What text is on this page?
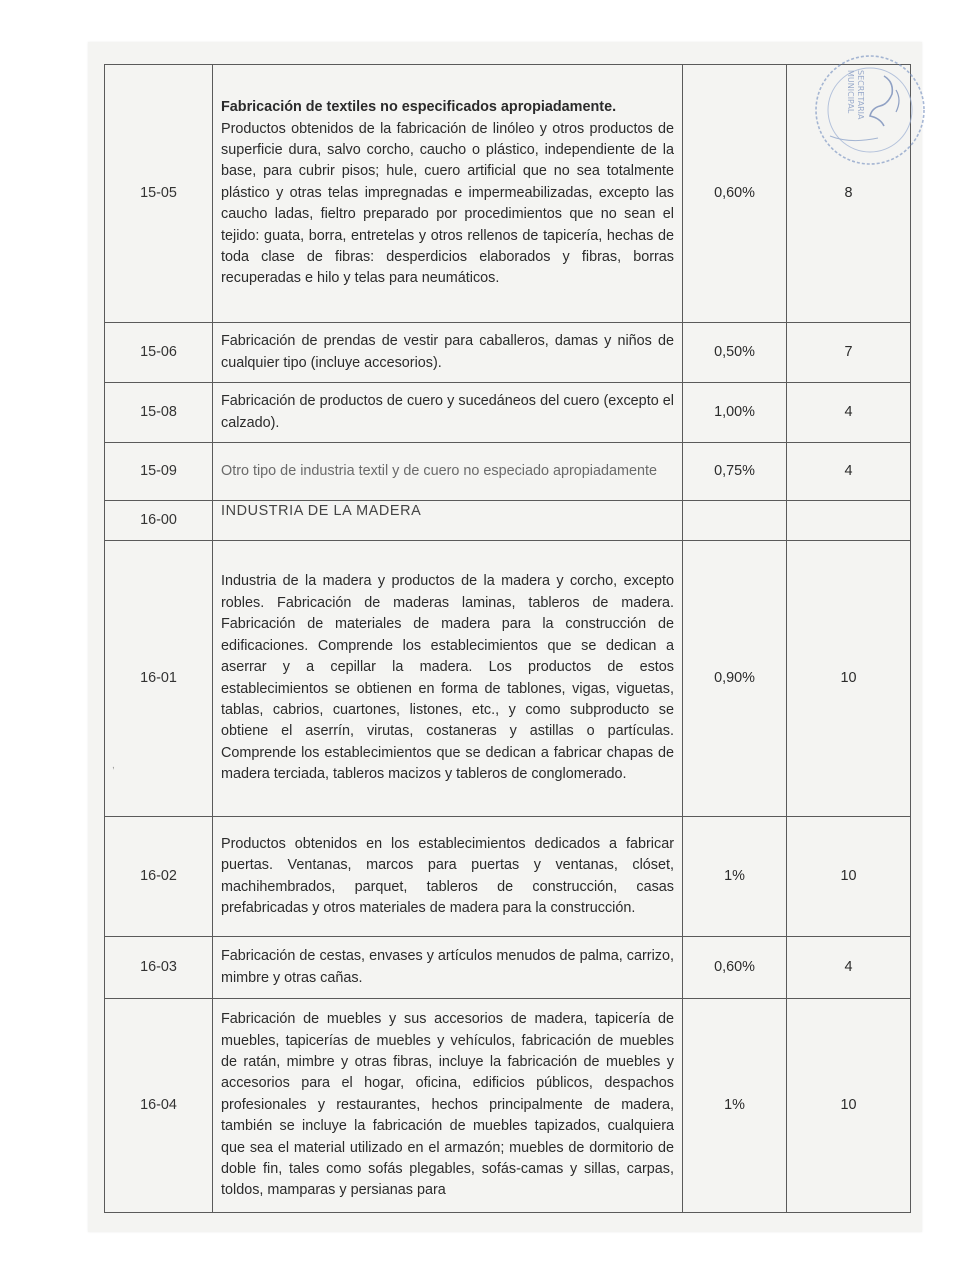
15-05	Fabricación de textiles no especificados apropiadamente.
Productos obtenidos de la fabricación de linóleo y otros productos de superficie dura, salvo corcho, caucho o plástico, independiente de la base, para cubrir pisos; hule, cuero artificial que no sea totalmente plástico y otras telas impregnadas e impermeabilizadas, excepto las caucho ladas, fieltro preparado por procedimientos que no sean el tejido: guata, borra, entretelas y otros rellenos de tapicería, hechas de toda clase de fibras: desperdicios elaborados y fibras, borras recuperadas e hilo y telas para neumáticos.	0,60%	8
15-06	Fabricación de prendas de vestir para caballeros, damas y niños de cualquier tipo (incluye accesorios).	0,50%	7
15-08	Fabricación de productos de cuero y sucedáneos del cuero (excepto el calzado).	1,00%	4
15-09	Otro tipo de industria textil y de cuero no especiado apropiadamente	0,75%	4
16-00	INDUSTRIA DE LA MADERA		

16-01	Industria de la madera y productos de la madera y corcho, excepto robles. Fabricación de maderas laminas, tableros de madera. Fabricación de materiales de madera para la construcción de edificaciones. Comprende los establecimientos que se dedican a aserrar y a cepillar la madera. Los productos de estos establecimientos se obtienen en forma de tablones, vigas, viguetas, tablas, cabrios, cuartones, listones, etc., y como subproducto se obtiene el aserrín, virutas, costaneras y astillas o partículas. Comprende los establecimientos que se dedican a fabricar chapas de madera terciada, tableros macizos y tableros de conglomerado.	0,90%	10
16-02	Productos obtenidos en los establecimientos dedicados a fabricar puertas. Ventanas, marcos para puertas y ventanas, clóset, machihembrados, parquet, tableros de construcción, casas prefabricadas y otros materiales de madera para la construcción.	1%	10
16-03	Fabricación de cestas, envases y artículos menudos de palma, carrizo, mimbre y otras cañas.	0,60%	4
16-04	Fabricación de muebles y sus accesorios de madera, tapicería de muebles, tapicerías de muebles y vehículos, fabricación de muebles de ratán, mimbre y otras fibras, incluye la fabricación de muebles y accesorios para el hogar, oficina, edificios públicos, despachos profesionales y restaurantes, hechos principalmente de madera, también se incluye la fabricación de muebles tapizados, cualquiera que sea el material utilizado en el armazón; muebles de dormitorio de doble fin, tales como sofás plegables, sofás-camas y sillas, carpas, toldos, mamparas y persianas para	1%	10
SECRETARIA
MUNICIPAL
,
